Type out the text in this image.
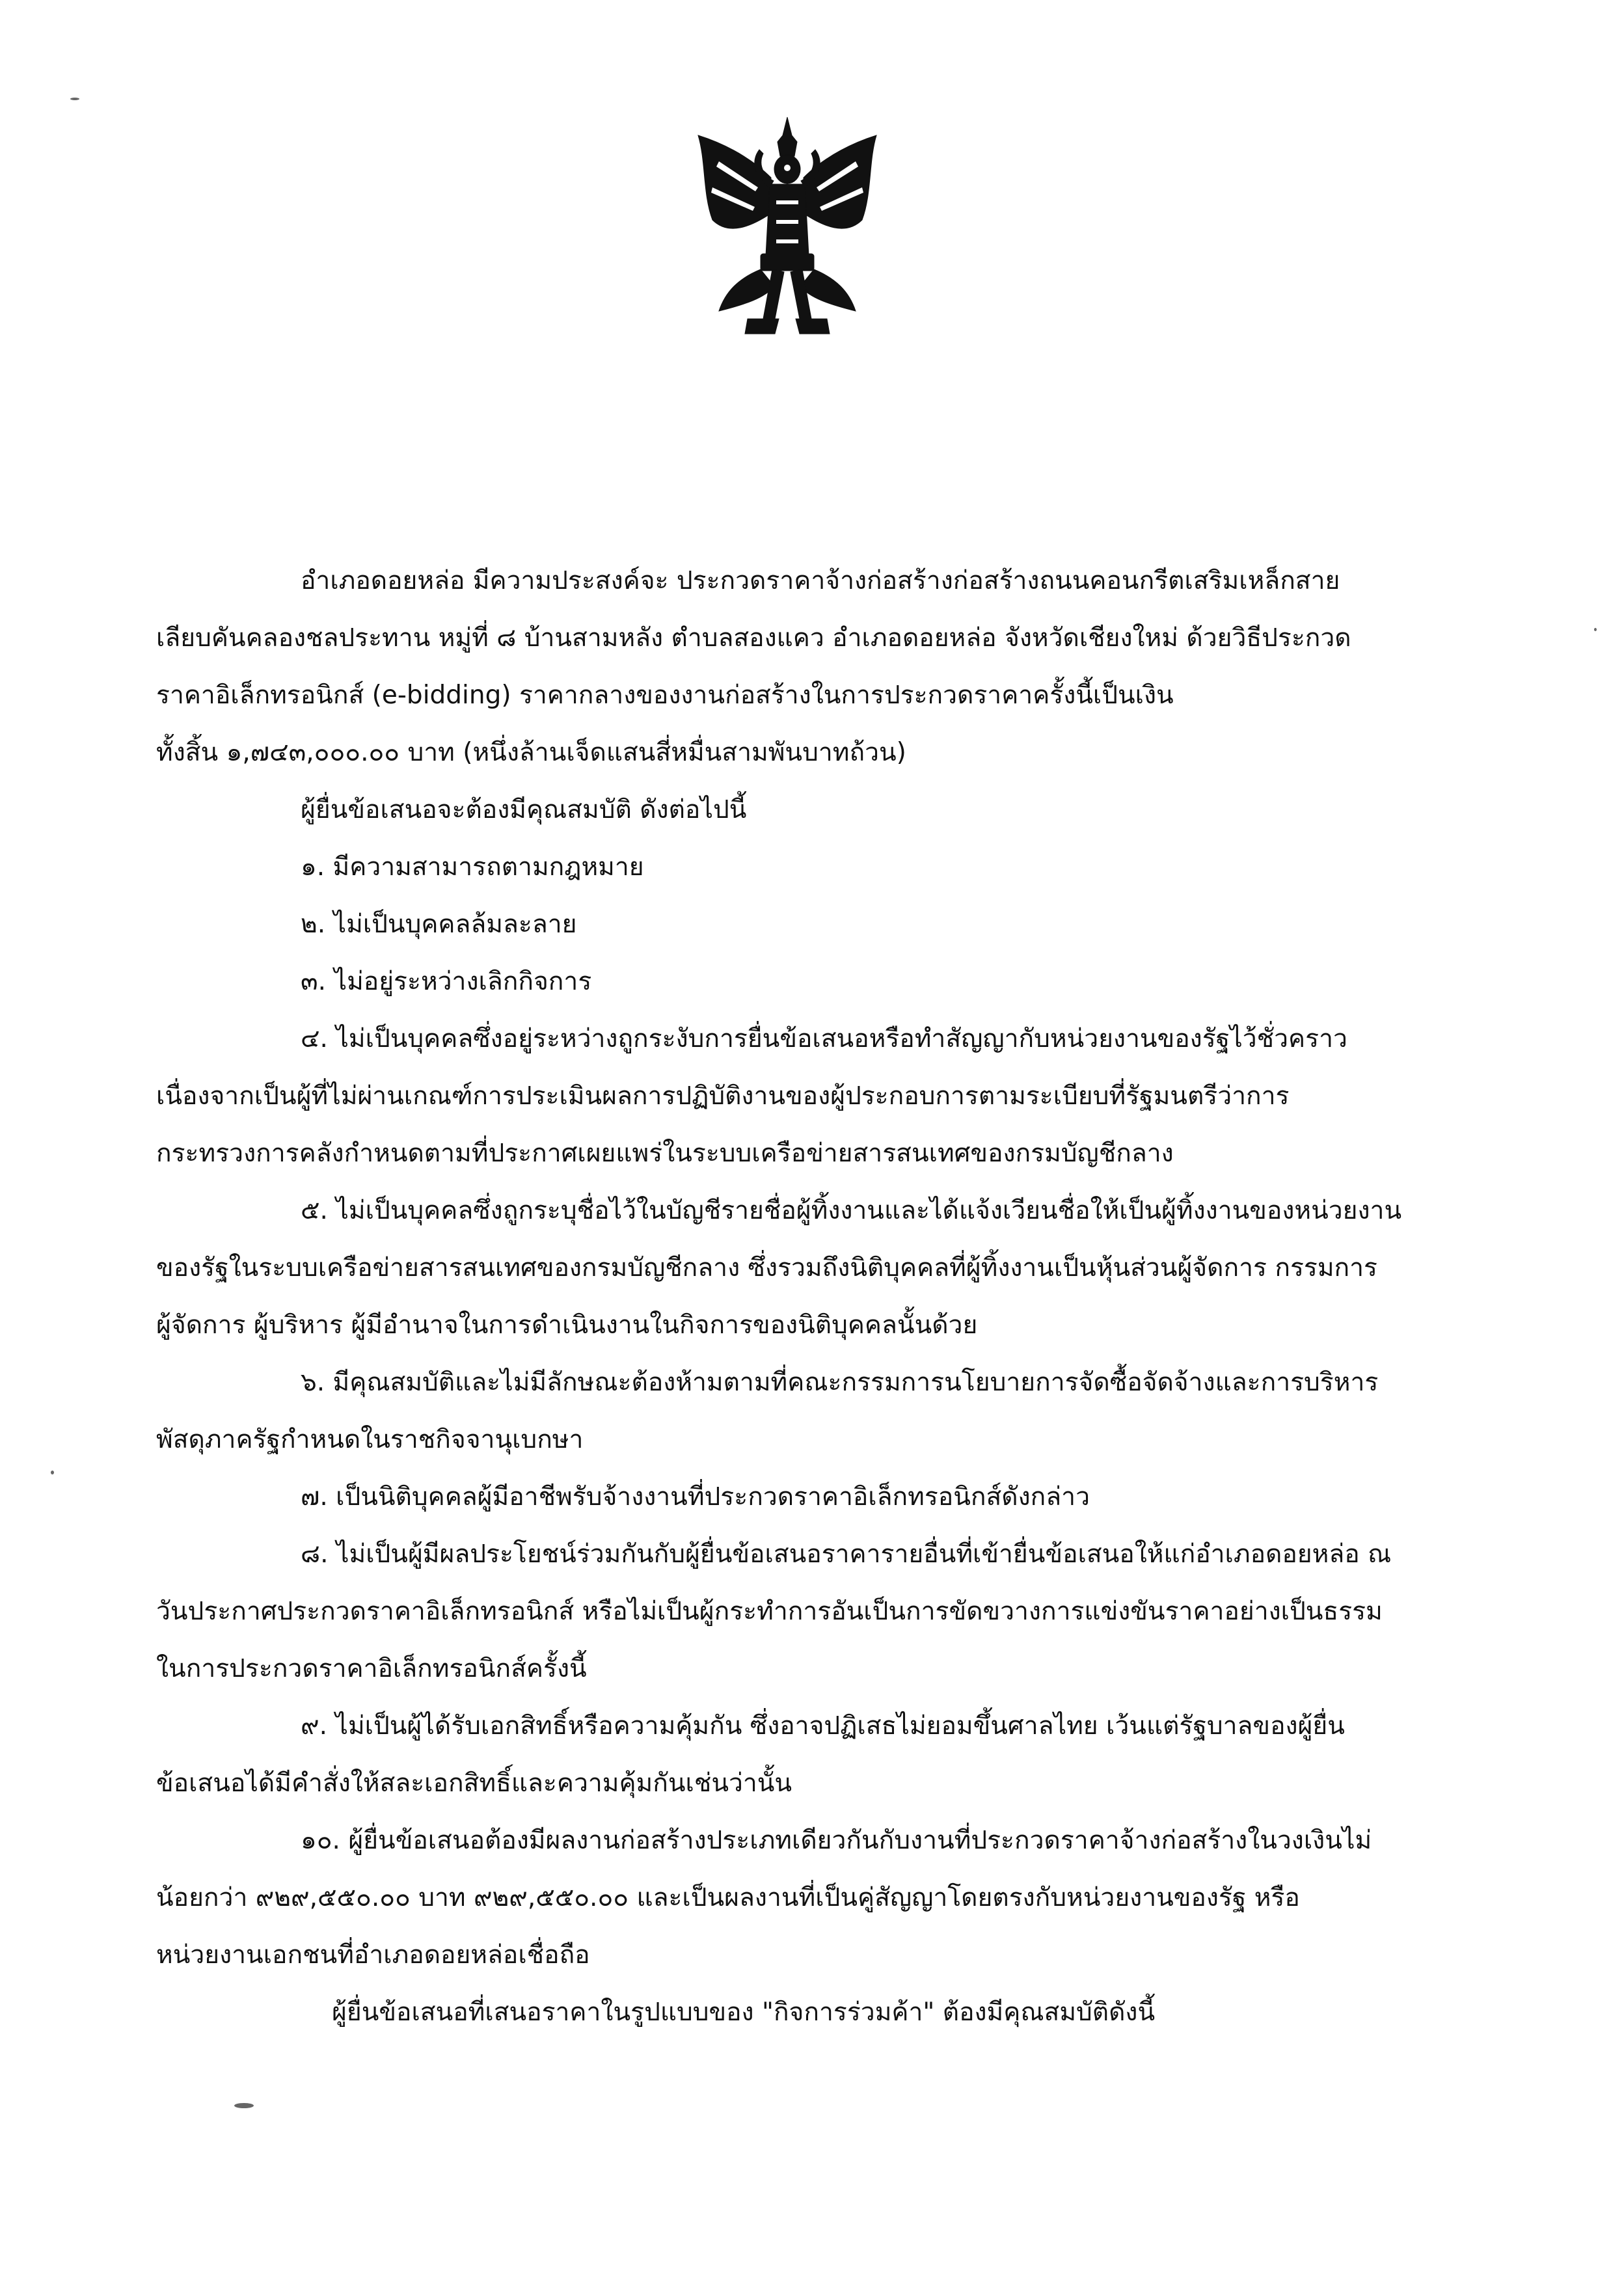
อำเภอดอยหล่อ มีความประสงค์จะ ประกวดราคาจ้างก่อสร้างก่อสร้างถนนคอนกรีตเสริมเหล็กสาย
เลียบคันคลองชลประทาน หมู่ที่ ๘ บ้านสามหลัง ตำบลสองแคว อำเภอดอยหล่อ จังหวัดเชียงใหม่ ด้วยวิธีประกวด
ราคาอิเล็กทรอนิกส์ (e-bidding) ราคากลางของงานก่อสร้างในการประกวดราคาครั้งนี้เป็นเงิน
ทั้งสิ้น ๑,๗๔๓,๐๐๐.๐๐ บาท (หนึ่งล้านเจ็ดแสนสี่หมื่นสามพันบาทถ้วน)
ผู้ยื่นข้อเสนอจะต้องมีคุณสมบัติ ดังต่อไปนี้
๑. มีความสามารถตามกฎหมาย
๒. ไม่เป็นบุคคลล้มละลาย
๓. ไม่อยู่ระหว่างเลิกกิจการ
๔. ไม่เป็นบุคคลซึ่งอยู่ระหว่างถูกระงับการยื่นข้อเสนอหรือทำสัญญากับหน่วยงานของรัฐไว้ชั่วคราว
เนื่องจากเป็นผู้ที่ไม่ผ่านเกณฑ์การประเมินผลการปฏิบัติงานของผู้ประกอบการตามระเบียบที่รัฐมนตรีว่าการ
กระทรวงการคลังกำหนดตามที่ประกาศเผยแพร่ในระบบเครือข่ายสารสนเทศของกรมบัญชีกลาง
๕. ไม่เป็นบุคคลซึ่งถูกระบุชื่อไว้ในบัญชีรายชื่อผู้ทิ้งงานและได้แจ้งเวียนชื่อให้เป็นผู้ทิ้งงานของหน่วยงาน
ของรัฐในระบบเครือข่ายสารสนเทศของกรมบัญชีกลาง ซึ่งรวมถึงนิติบุคคลที่ผู้ทิ้งงานเป็นหุ้นส่วนผู้จัดการ กรรมการ
ผู้จัดการ ผู้บริหาร ผู้มีอำนาจในการดำเนินงานในกิจการของนิติบุคคลนั้นด้วย
๖. มีคุณสมบัติและไม่มีลักษณะต้องห้ามตามที่คณะกรรมการนโยบายการจัดซื้อจัดจ้างและการบริหาร
พัสดุภาครัฐกำหนดในราชกิจจานุเบกษา
๗. เป็นนิติบุคคลผู้มีอาชีพรับจ้างงานที่ประกวดราคาอิเล็กทรอนิกส์ดังกล่าว
๘. ไม่เป็นผู้มีผลประโยชน์ร่วมกันกับผู้ยื่นข้อเสนอราคารายอื่นที่เข้ายื่นข้อเสนอให้แก่อำเภอดอยหล่อ ณ
วันประกาศประกวดราคาอิเล็กทรอนิกส์ หรือไม่เป็นผู้กระทำการอันเป็นการขัดขวางการแข่งขันราคาอย่างเป็นธรรม
ในการประกวดราคาอิเล็กทรอนิกส์ครั้งนี้
๙. ไม่เป็นผู้ได้รับเอกสิทธิ์หรือความคุ้มกัน ซึ่งอาจปฏิเสธไม่ยอมขึ้นศาลไทย เว้นแต่รัฐบาลของผู้ยื่น
ข้อเสนอได้มีคำสั่งให้สละเอกสิทธิ์และความคุ้มกันเช่นว่านั้น
๑๐. ผู้ยื่นข้อเสนอต้องมีผลงานก่อสร้างประเภทเดียวกันกับงานที่ประกวดราคาจ้างก่อสร้างในวงเงินไม่
น้อยกว่า ๙๒๙,๕๕๐.๐๐ บาท ๙๒๙,๕๕๐.๐๐ และเป็นผลงานที่เป็นคู่สัญญาโดยตรงกับหน่วยงานของรัฐ หรือ
หน่วยงานเอกชนที่อำเภอดอยหล่อเชื่อถือ
ผู้ยื่นข้อเสนอที่เสนอราคาในรูปแบบของ "กิจการร่วมค้า" ต้องมีคุณสมบัติดังนี้
